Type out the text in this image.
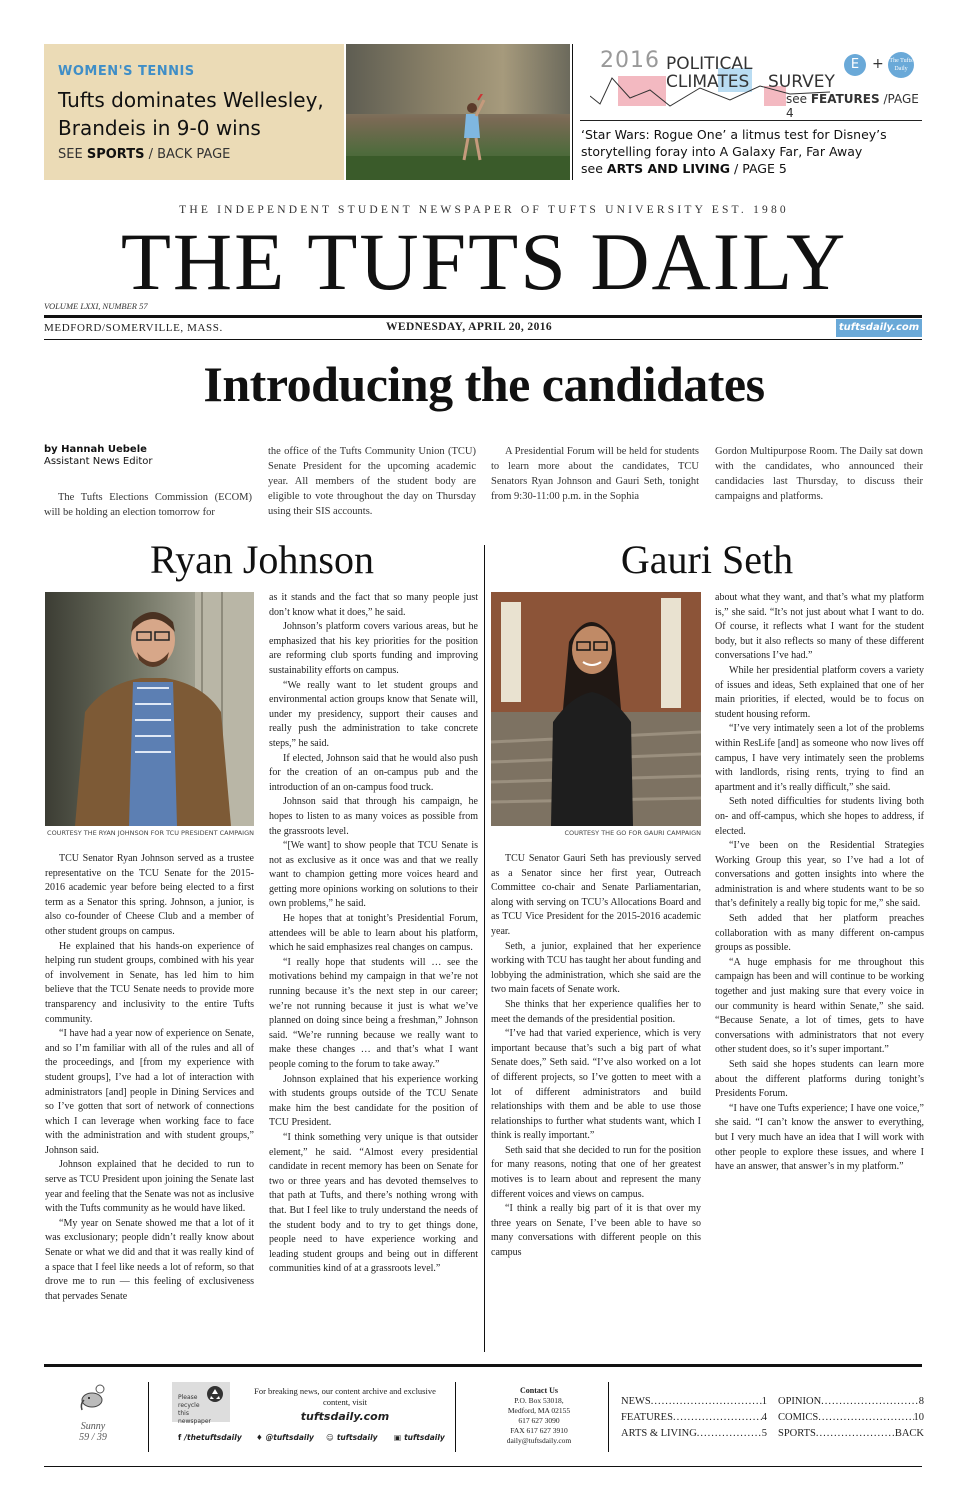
WOMEN'S TENNIS
Tufts dominates Wellesley, Brandeis in 9-0 wins
SEE SPORTS / BACK PAGE
2016 POLITICAL
CLIMATES SURVEY
E + The Tufts Daily
see FEATURES /PAGE 4
‘Star Wars: Rogue One’ a litmus test for Disney’s storytelling foray into A Galaxy Far, Far Away
see ARTS AND LIVING / PAGE 5
THE INDEPENDENT STUDENT NEWSPAPER OF TUFTS UNIVERSITY EST. 1980
THE TUFTS DAILY
VOLUME LXXI, NUMBER 57
MEDFORD/SOMERVILLE, MASS.	WEDNESDAY, APRIL 20, 2016	tuftsdaily.com
Introducing the candidates
by Hannah Uebele
Assistant News Editor
The Tufts Elections Commission (ECOM) will be holding an election tomorrow for
the office of the Tufts Community Union (TCU) Senate President for the upcoming academic year. All members of the student body are eligible to vote throughout the day on Thursday using their SIS accounts.
A Presidential Forum will be held for students to learn more about the candidates, TCU Senators Ryan Johnson and Gauri Seth, tonight from 9:30-11:00 p.m. in the Sophia
Gordon Multipurpose Room. The Daily sat down with the candidates, who announced their candidacies last Thursday, to discuss their campaigns and platforms.
Ryan Johnson	Gauri Seth
COURTESY THE RYAN JOHNSON FOR TCU PRESIDENT CAMPAIGN	COURTESY THE GO FOR GAURI CAMPAIGN

TCU Senator Ryan Johnson served as a trustee representative on the TCU Senate for the 2015-2016 academic year before being elected to a first term as a Senator this spring. Johnson, a junior, is also co-founder of Cheese Club and a member of other student groups on campus.

He explained that his hands-on experience of helping run student groups, combined with his year of involvement in Senate, has led him to him believe that the TCU Senate needs to provide more transparency and inclusivity to the entire Tufts community.

“I have had a year now of experience on Senate, and so I’m familiar with all of the rules and all of the proceedings, and [from my experience with student groups], I’ve had a lot of interaction with administrators [and] people in Dining Services and so I’ve gotten that sort of network of connections which I can leverage when working face to face with the administration and with student groups,” Johnson said.

Johnson explained that he decided to run to serve as TCU President upon joining the Senate last year and feeling that the Senate was not as inclusive with the Tufts community as he would have liked.

“My year on Senate showed me that a lot of it was exclusionary; people didn’t really know about Senate or what we did and that it was really kind of a space that I feel like needs a lot of reform, so that drove me to run — this feeling of exclusiveness that pervades Senate

as it stands and the fact that so many people just don’t know what it does,” he said.

Johnson’s platform covers various areas, but he emphasized that his key priorities for the position are reforming club sports funding and improving sustainability efforts on campus.

“We really want to let student groups and environmental action groups know that Senate will, under my presidency, support their causes and really push the administration to take concrete steps,” he said.

If elected, Johnson said that he would also push for the creation of an on-campus pub and the introduction of an on-campus food truck.

Johnson said that through his campaign, he hopes to listen to as many voices as possible from the grassroots level.

“[We want] to show people that TCU Senate is not as exclusive as it once was and that we really want to champion getting more voices heard and getting more opinions working on solutions to their own problems,” he said.

He hopes that at tonight’s Presidential Forum, attendees will be able to learn about his platform, which he said emphasizes real changes on campus.

“I really hope that students will … see the motivations behind my campaign in that we’re not running because it’s the next step in our career; we’re not running because it just is what we’ve planned on doing since being a freshman,” Johnson said. “We’re running because we really want to make these changes … and that’s what I want people coming to the forum to take away.”

Johnson explained that his experience working with students groups outside of the TCU Senate make him the best candidate for the position of TCU President.

“I think something very unique is that outsider element,” he said. “Almost every presidential candidate in recent memory has been on Senate for two or three years and has devoted themselves to that path at Tufts, and there’s nothing wrong with that. But I feel like to truly understand the needs of the student body and to try to get things done, people need to have experience working and leading student groups and being out in different communities kind of at a grassroots level.”

TCU Senator Gauri Seth has previously served as a Senator since her first year, Outreach Committee co-chair and Senate Parliamentarian, along with serving on TCU’s Allocations Board and as TCU Vice President for the 2015-2016 academic year.

Seth, a junior, explained that her experience working with TCU has taught her about funding and lobbying the administration, which she said are the two main facets of Senate work.

She thinks that her experience qualifies her to meet the demands of the presidential position.

“I’ve had that varied experience, which is very important because that’s such a big part of what Senate does,” Seth said. “I’ve also worked on a lot of different projects, so I’ve gotten to meet with a lot of different administrators and build relationships with them and be able to use those relationships to further what students want, which I think is really important.”

Seth said that she decided to run for the position for many reasons, noting that one of her greatest motives is to learn about and represent the many different voices and views on campus.

“I think a really big part of it is that over my three years on Senate, I’ve been able to have so many conversations with different people on this campus

about what they want, and that’s what my platform is,” she said. “It’s not just about what I want to do. Of course, it reflects what I want for the student body, but it also reflects so many of these different conversations I’ve had.”

While her presidential platform covers a variety of issues and ideas, Seth explained that one of her main priorities, if elected, would be to focus on student housing reform.

“I’ve very intimately seen a lot of the problems within ResLife [and] as someone who now lives off campus, I have very intimately seen the problems with landlords, rising rents, trying to find an apartment and it’s really difficult,” she said.

Seth noted difficulties for students living both on- and off-campus, which she hopes to address, if elected.

“I’ve been on the Residential Strategies Working Group this year, so I’ve had a lot of conversations and gotten insights into where the administration is and where students want to be so that’s definitely a really big topic for me,” she said.

Seth added that her platform preaches collaboration with as many different on-campus groups as possible.

“A huge emphasis for me throughout this campaign has been and will continue to be working together and just making sure that every voice in our community is heard within Senate,” she said. “Because Senate, a lot of times, gets to have conversations with administrators that not every other student does, so it’s super important.”

Seth said she hopes students can learn more about the different platforms during tonight’s Presidents Forum.

“I have one Tufts experience; I have one voice,” she said. “I can’t know the answer to everything, but I very much have an idea that I will work with other people to explore these issues, and where I have an answer, that answer’s in my platform.”

Sunny
59 / 39
Please recycle this newspaper
For breaking news, our content archive and exclusive content, visit
tuftsdaily.com
f /thetuftsdaily ♦ @tuftsdaily ☺ tuftsdaily ▣ tuftsdaily
Contact Us
P.O. Box 53018,
Medford, MA 02155
617 627 3090
FAX 617 627 3910
daily@tuftsdaily.com
NEWS .....	1
FEATURES .....	4
ARTS & LIVING .....	5
OPINION .....	8
COMICS .....	10
SPORTS .....	BACK
